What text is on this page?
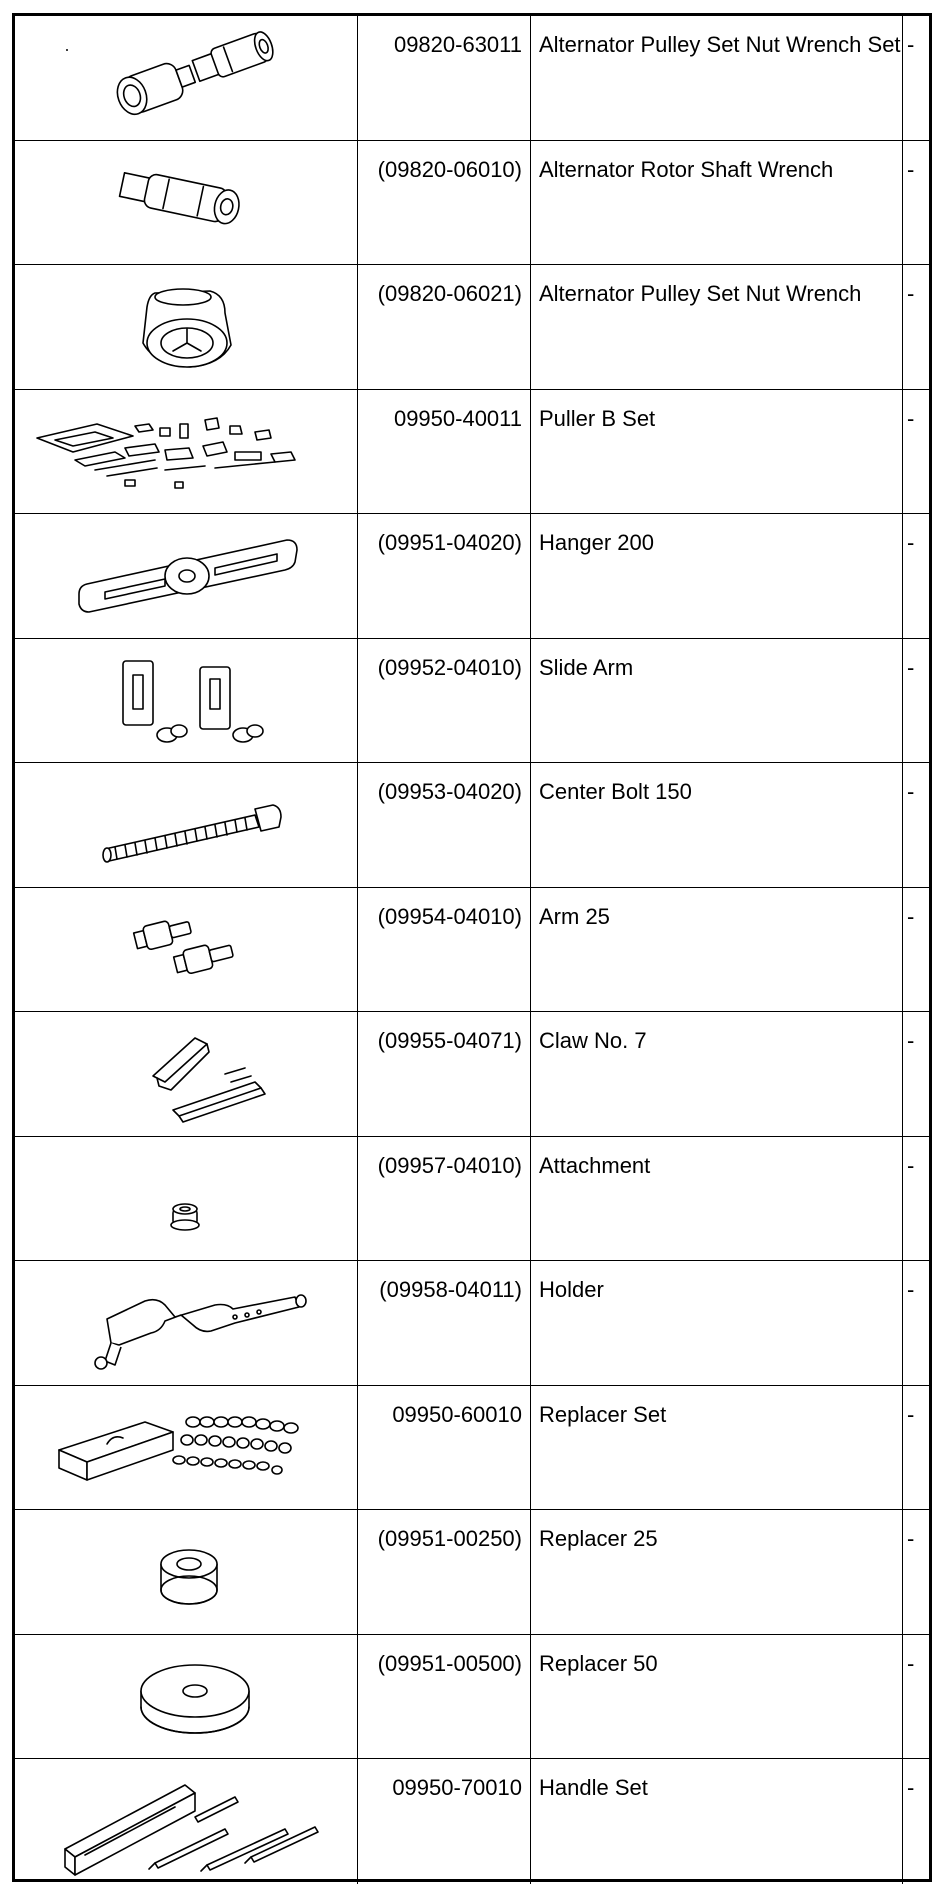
09820-63011 Alternator Pulley Set Nut Wrench Set -
(09820-06010) Alternator Rotor Shaft Wrench	-
(09820-06021) Alternator Pulley Set Nut Wrench	-
09950-40011 Puller B Set	-
(09951-04020) Hanger 200	-
(09952-04010) Slide Arm	-
(09953-04020) Center Bolt 150	-
(09954-04010) Arm 25	-
(09955-04071) Claw No. 7	-
(09957-04010) Attachment	-
(09958-04011) Holder	-
09950-60010 Replacer Set	-
(09951-00250) Replacer 25	-
(09951-00500) Replacer 50	-
09950-70010 Handle Set	-
